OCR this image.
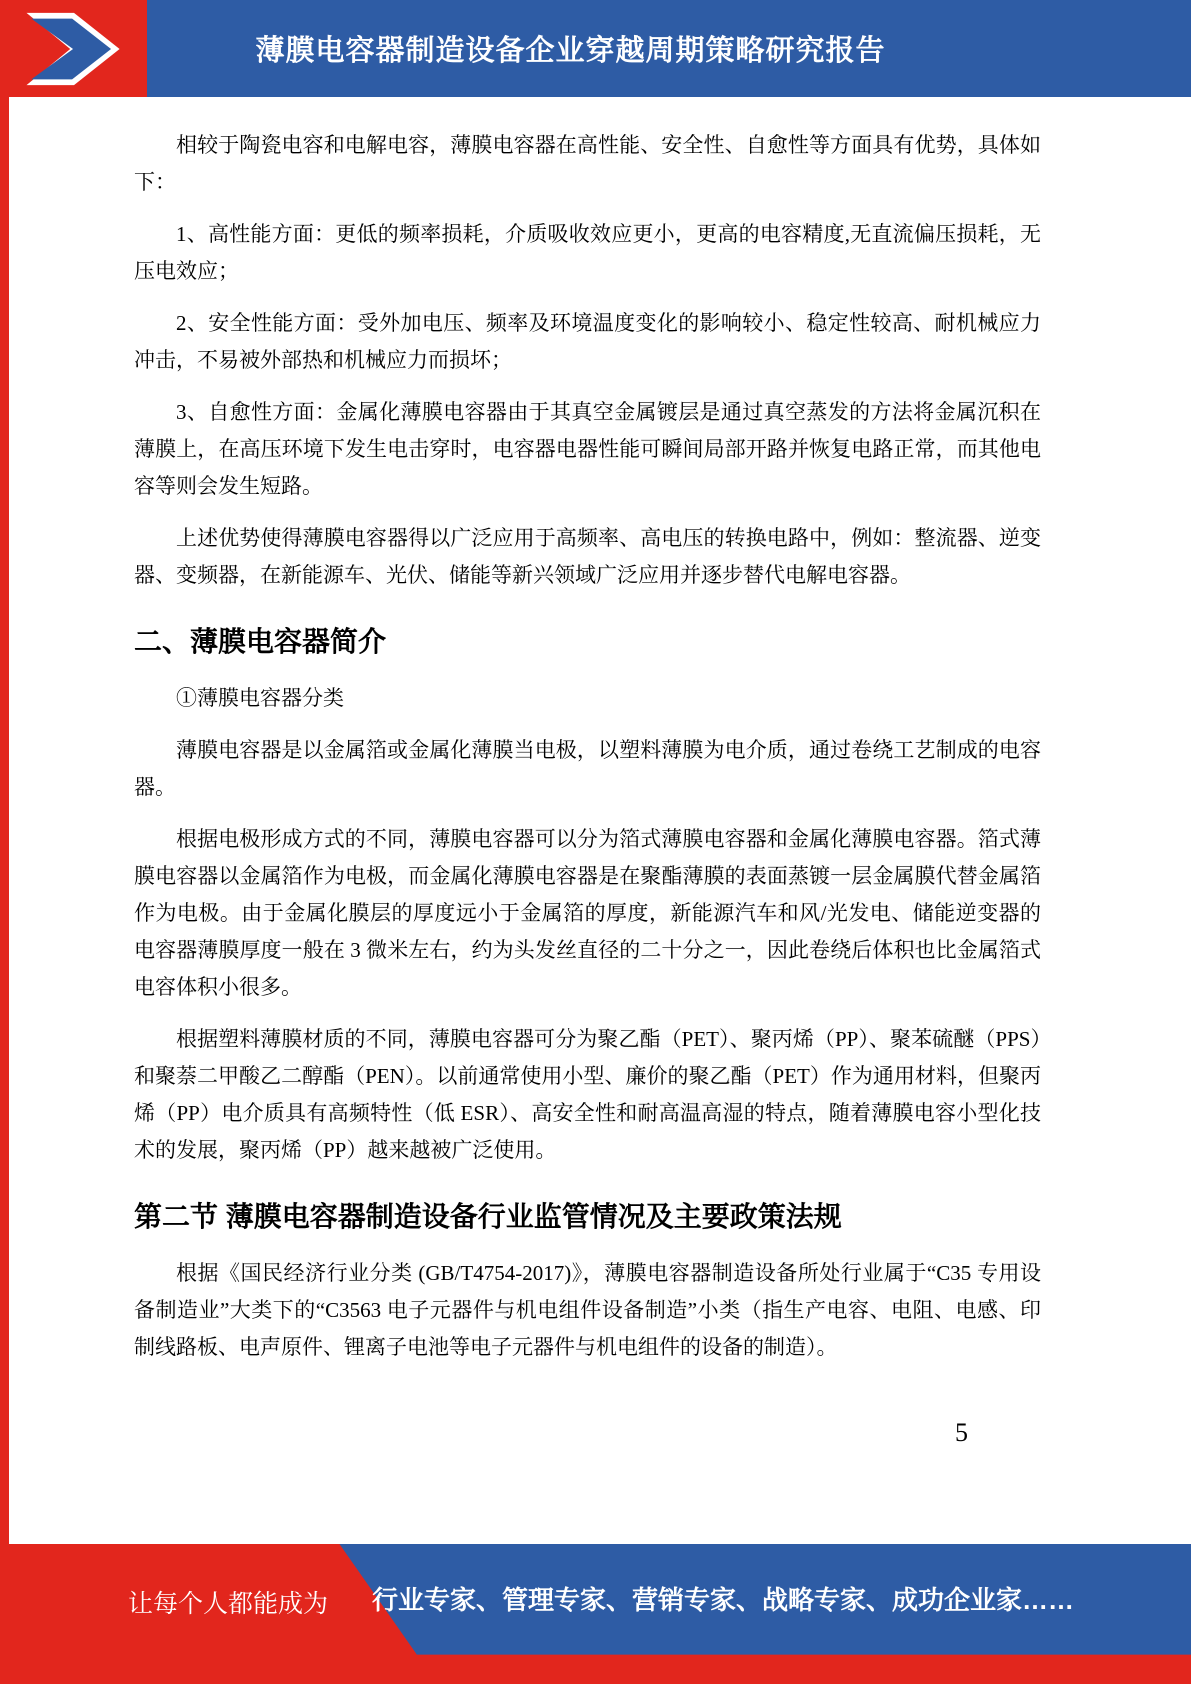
薄膜电容器制造设备企业穿越周期策略研究报告

相较于陶瓷电容和电解电容，薄膜电容器在高性能、安全性、自愈性等方面具有优势，具体如下：

1、高性能方面：更低的频率损耗，介质吸收效应更小，更高的电容精度,无直流偏压损耗，无压电效应；

2、安全性能方面：受外加电压、频率及环境温度变化的影响较小、稳定性较高、耐机械应力冲击，不易被外部热和机械应力而损坏；

3、自愈性方面：金属化薄膜电容器由于其真空金属镀层是通过真空蒸发的方法将金属沉积在薄膜上，在高压环境下发生电击穿时，电容器电器性能可瞬间局部开路并恢复电路正常，而其他电容等则会发生短路。

上述优势使得薄膜电容器得以广泛应用于高频率、高电压的转换电路中，例如：整流器、逆变器、变频器，在新能源车、光伏、储能等新兴领域广泛应用并逐步替代电解电容器。

二、薄膜电容器简介

①薄膜电容器分类

薄膜电容器是以金属箔或金属化薄膜当电极，以塑料薄膜为电介质，通过卷绕工艺制成的电容器。

根据电极形成方式的不同，薄膜电容器可以分为箔式薄膜电容器和金属化薄膜电容器。箔式薄膜电容器以金属箔作为电极，而金属化薄膜电容器是在聚酯薄膜的表面蒸镀一层金属膜代替金属箔作为电极。由于金属化膜层的厚度远小于金属箔的厚度，新能源汽车和风/光发电、储能逆变器的电容器薄膜厚度一般在 3 微米左右，约为头发丝直径的二十分之一，因此卷绕后体积也比金属箔式电容体积小很多。

根据塑料薄膜材质的不同，薄膜电容器可分为聚乙酯（PET）、聚丙烯（PP）、聚苯硫醚（PPS）和聚萘二甲酸乙二醇酯（PEN）。以前通常使用小型、廉价的聚乙酯（PET）作为通用材料，但聚丙烯（PP）电介质具有高频特性（低 ESR）、高安全性和耐高温高湿的特点，随着薄膜电容小型化技术的发展，聚丙烯（PP）越来越被广泛使用。

第二节 薄膜电容器制造设备行业监管情况及主要政策法规

根据《国民经济行业分类 (GB/T4754-2017)》，薄膜电容器制造设备所处行业属于“C35 专用设备制造业”大类下的“C3563 电子元器件与机电组件设备制造”小类（指生产电容、电阻、电感、印制线路板、电声原件、锂离子电池等电子元器件与机电组件的设备的制造）。

5
让每个人都能成为 行业专家、管理专家、营销专家、战略专家、成功企业家……
